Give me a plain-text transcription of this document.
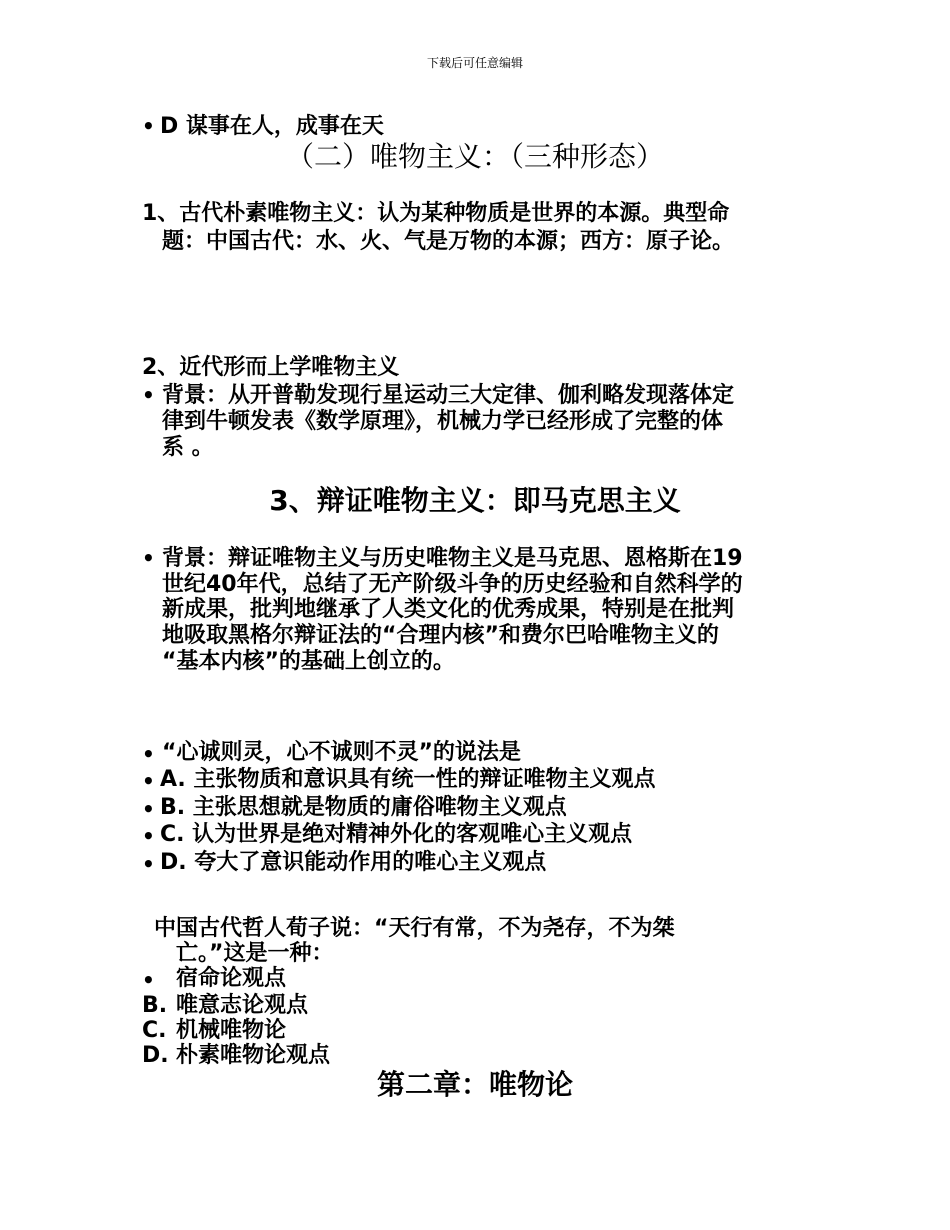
下载后可任意编辑
• D 谋事在人，成事在天
（二）唯物主义：（三种形态）
1、古代朴素唯物主义：认为某种物质是世界的本源。典型命
题：中国古代：水、火、气是万物的本源；西方：原子论。
2、近代形而上学唯物主义
• 背景：从开普勒发现行星运动三大定律、伽利略发现落体定
律到牛顿发表《数学原理》，机械力学已经形成了完整的体
系 。
3、辩证唯物主义：即马克思主义
• 背景：辩证唯物主义与历史唯物主义是马克思、恩格斯在19
世纪40年代，总结了无产阶级斗争的历史经验和自然科学的
新成果，批判地继承了人类文化的优秀成果，特别是在批判
地吸取黑格尔辩证法的“合理内核”和费尔巴哈唯物主义的
“基本内核”的基础上创立的。
• “心诚则灵，心不诚则不灵”的说法是
• A. 主张物质和意识具有统一性的辩证唯物主义观点
• B. 主张思想就是物质的庸俗唯物主义观点
• C. 认为世界是绝对精神外化的客观唯心主义观点
• D. 夸大了意识能动作用的唯心主义观点
中国古代哲人荀子说：“天行有常，不为尧存，不为桀
亡。”这是一种：
• 宿命论观点
B. 唯意志论观点
C. 机械唯物论
D. 朴素唯物论观点
第二章：唯物论
